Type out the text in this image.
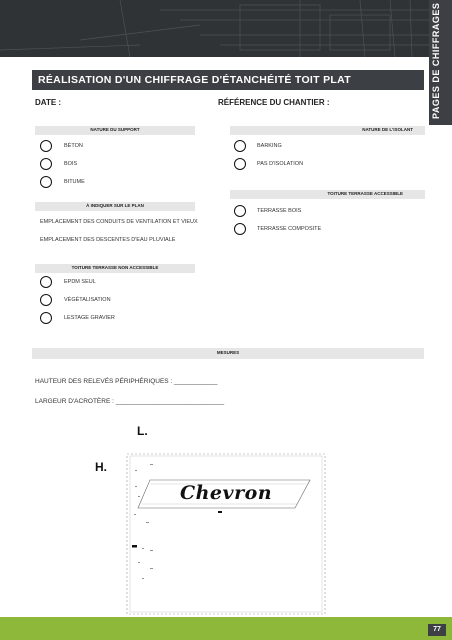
PAGES DE CHIFFRAGES
RÉALISATION D'UN CHIFFRAGE D'ÉTANCHÉITÉ TOIT PLAT
DATE :	RÉFÉRENCE DU CHANTIER :
NATURE DU SUPPORT
BÉTON
BOIS
BITUME
NATURE DE L'ISOLANT
BARKING
PAS D'ISOLATION
TOITURE TERRASSE ACCESSIBLE
TERRASSE BOIS
TERRASSE COMPOSITE
À INDIQUER SUR LE PLAN
EMPLACEMENT DES CONDUITS DE VENTILATION ET VIEUX
EMPLACEMENT DES DESCENTES D'EAU PLUVIALE
TOITURE TERRASSE NON ACCESSIBLE
EPDM SEUL
VÉGÉTALISATION
LESTAGE GRAVIER
MESURES
HAUTEUR DES RELEVÉS PÉRIPHÉRIQUES : ____________
LARGEUR D'ACROTÈRE : ______________________________
L.
H.
Chevron
77
